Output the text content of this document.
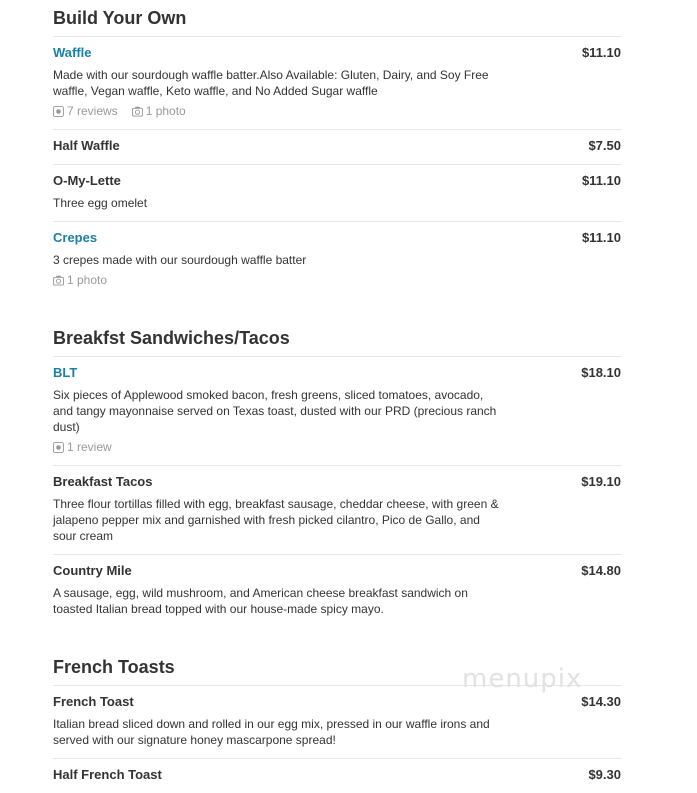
Build Your Own
Waffle	$11.10
Made with our sourdough waffle batter.Also Available: Gluten, Dairy, and Soy Free waffle, Vegan waffle, Keto waffle, and No Added Sugar waffle
7 reviews 1 photo
Half Waffle	$7.50
O-My-Lette	$11.10
Three egg omelet
Crepes	$11.10
3 crepes made with our sourdough waffle batter
1 photo
Breakfst Sandwiches/Tacos
BLT	$18.10
Six pieces of Applewood smoked bacon, fresh greens, sliced tomatoes, avocado, and tangy mayonnaise served on Texas toast, dusted with our PRD (precious ranch dust)
1 review
Breakfast Tacos	$19.10
Three flour tortillas filled with egg, breakfast sausage, cheddar cheese, with green & jalapeno pepper mix and garnished with fresh picked cilantro, Pico de Gallo, and sour cream
Country Mile	$14.80
A sausage, egg, wild mushroom, and American cheese breakfast sandwich on toasted Italian bread topped with our house-made spicy mayo.
French Toasts
French Toast	$14.30
Italian bread sliced down and rolled in our egg mix, pressed in our waffle irons and served with our signature honey mascarpone spread!
Half French Toast	$9.30
menupix
